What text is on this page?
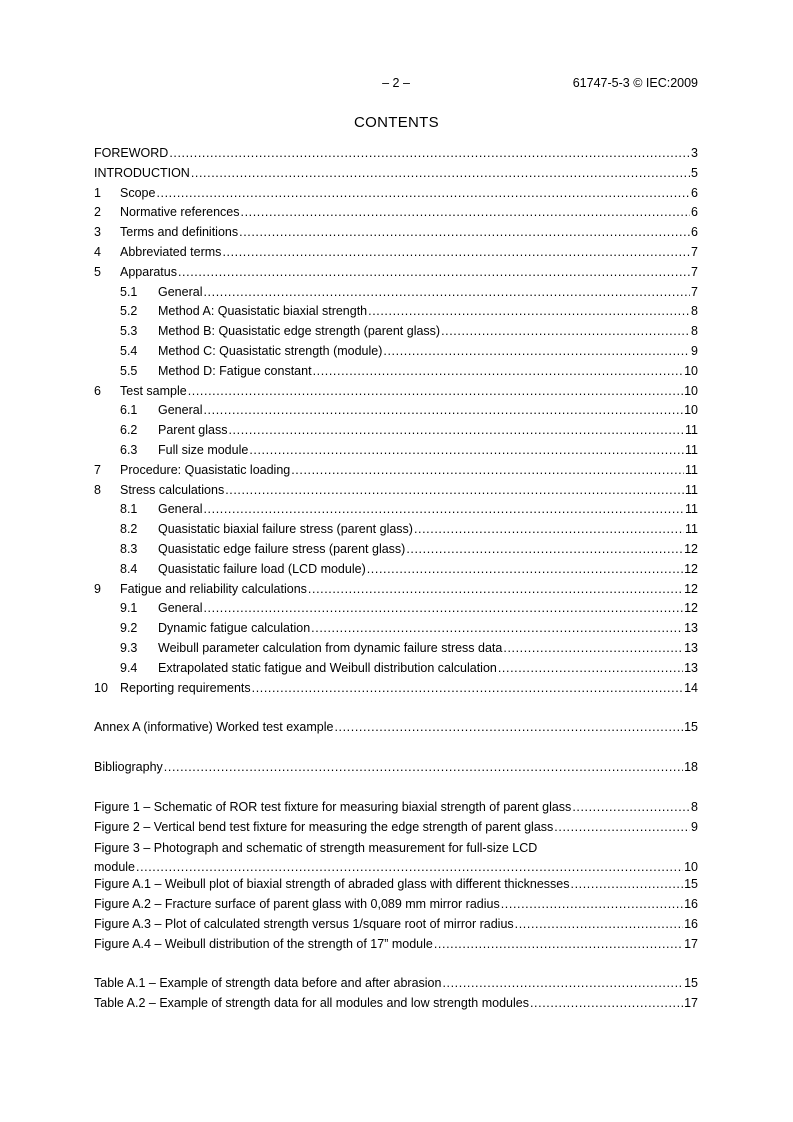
– 2 –	61747-5-3 © IEC:2009
CONTENTS
FOREWORD .....	3
INTRODUCTION .....	5
1	Scope .....	6
2	Normative references .....	6
3	Terms and definitions .....	6
4	Abbreviated terms .....	7
5	Apparatus .....	7
5.1	General .....	7
5.2	Method A: Quasistatic biaxial strength .....	8
5.3	Method B: Quasistatic edge strength (parent glass) .....	8
5.4	Method C: Quasistatic strength (module) .....	9
5.5	Method D: Fatigue constant .....	10
6	Test sample .....	10
6.1	General .....	10
6.2	Parent glass .....	11
6.3	Full size module .....	11
7	Procedure: Quasistatic loading .....	11
8	Stress calculations .....	11
8.1	General .....	11
8.2	Quasistatic biaxial failure stress (parent glass) .....	11
8.3	Quasistatic edge failure stress (parent glass) .....	12
8.4	Quasistatic failure load (LCD module) .....	12
9	Fatigue and reliability calculations .....	12
9.1	General .....	12
9.2	Dynamic fatigue calculation .....	13
9.3	Weibull parameter calculation from dynamic failure stress data .....	13
9.4	Extrapolated static fatigue and Weibull distribution calculation .....	13
10 Reporting requirements .....	14
Annex A (informative) Worked test example .....	15
Bibliography .....	18
Figure 1 – Schematic of ROR test fixture for measuring biaxial strength of parent glass .....	8
Figure 2 – Vertical bend test fixture for measuring the edge strength of parent glass .....	9
Figure 3 – Photograph and schematic of strength measurement for full-size LCD
module .....	10
Figure A.1 – Weibull plot of biaxial strength of abraded glass with different thicknesses .....	15
Figure A.2 – Fracture surface of parent glass with 0,089 mm mirror radius .....	16
Figure A.3 – Plot of calculated strength versus 1/square root of mirror radius .....	16
Figure A.4 – Weibull distribution of the strength of 17” module .....	17
Table A.1 – Example of strength data before and after abrasion .....	15
Table A.2 – Example of strength data for all modules and low strength modules .....	17
